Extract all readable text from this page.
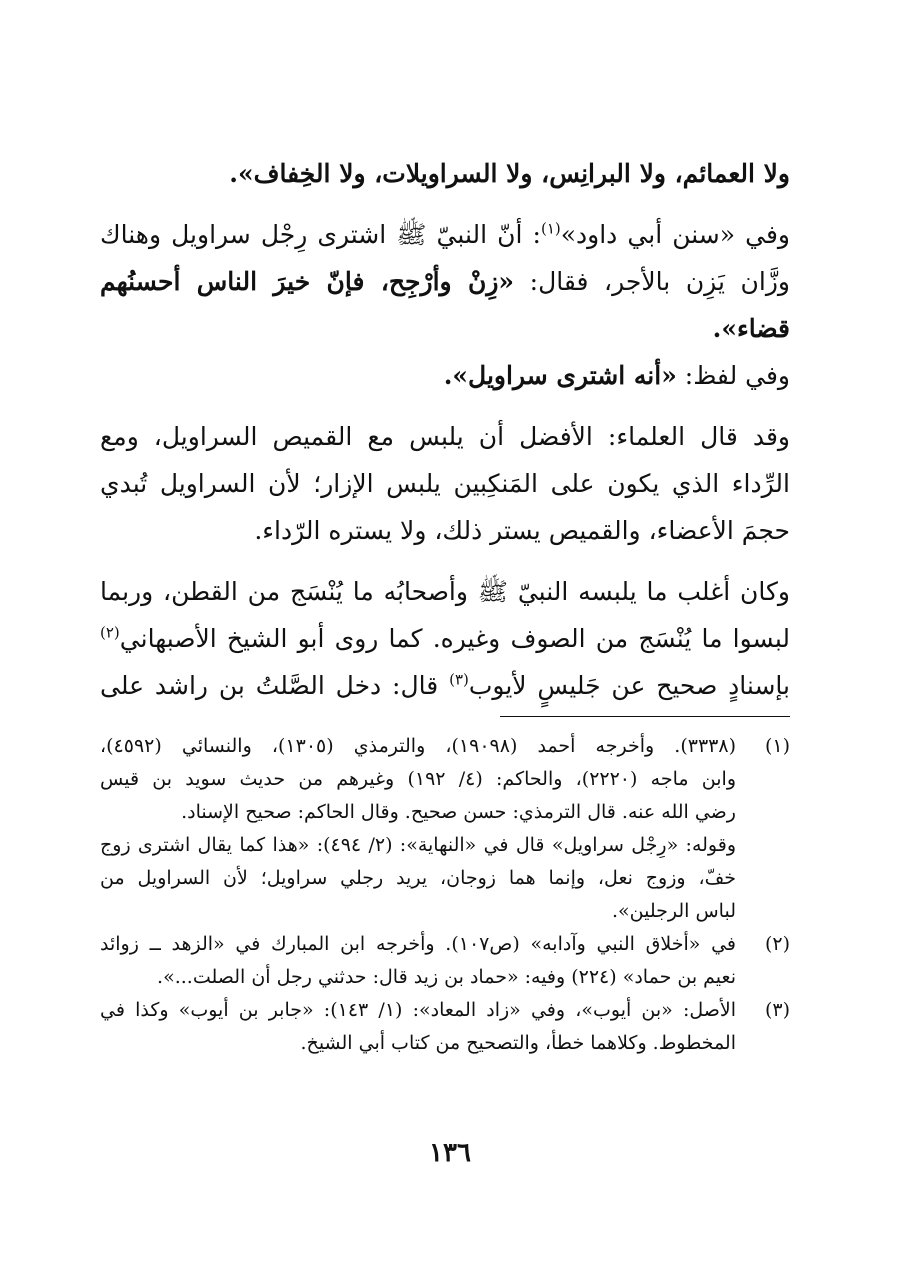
ولا العمائم، ولا البرانِس، ولا السراويلات، ولا الخِفاف».

وفي «سنن أبي داود»$^{(١)}$: أنّ النبيّ ﷺ اشترى رِجْل سراويل وهناك
وزَّان يَزِن بالأجر، فقال: «زِنْ وأرْجِح، فإنّ خيرَ الناس أحسنُهم قضاء».
وفي لفظ: «أنه اشترى سراويل».

وقد قال العلماء: الأفضل أن يلبس مع القميص السراويل، ومع
الرِّداء الذي يكون على المَنكِبين يلبس الإزار؛ لأن السراويل تُبدي
حجمَ الأعضاء، والقميص يستر ذلك، ولا يستره الرّداء.

وكان أغلب ما يلبسه النبيّ ﷺ وأصحابُه ما يُنْسَج من القطن، وربما
لبسوا ما يُنْسَج من الصوف وغيره. كما روى أبو الشيخ الأصبهاني$^{(٢)}$
بإسنادٍ صحيح عن جَليسٍ لأيوب$^{(٣)}$ قال: دخل الصَّلتُ بن راشد على

(١)
(٣٣٣٨). وأخرجه أحمد (١٩٠٩٨)، والترمذي (١٣٠٥)، والنسائي (٤٥٩٢)،
وابن ماجه (٢٢٢٠)، والحاكم: (٤/ ١٩٢) وغيرهم من حديث سويد بن قيس
رضي الله عنه. قال الترمذي: حسن صحيح. وقال الحاكم: صحيح الإسناد.
وقوله: «رِجْل سراويل» قال في «النهاية»: (٢/ ٤٩٤): «هذا كما يقال اشترى زوج
خفّ، وزوج نعل، وإنما هما زوجان، يريد رجلي سراويل؛ لأن السراويل من
لباس الرجلين».
(٢)
في «أخلاق النبي وآدابه» (ص١٠٧). وأخرجه ابن المبارك في «الزهد ــ زوائد
نعيم بن حماد» (٢٢٤) وفيه: «حماد بن زيد قال: حدثني رجل أن الصلت...».
(٣)
الأصل: «بن أيوب»، وفي «زاد المعاد»: (١/ ١٤٣): «جابر بن أيوب» وكذا في
المخطوط. وكلاهما خطأ، والتصحيح من كتاب أبي الشيخ.
١٣٦
